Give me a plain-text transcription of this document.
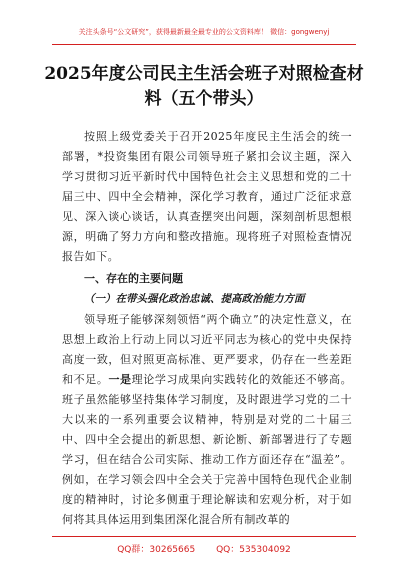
关注头条号“公文研究”，获得最新最全最专业的公文资料库！ 微信：gongwenyj
2025年度公司民主生活会班子对照检查材料（五个带头）

按照上级党委关于召开2025年度民主生活会的统一部署，*投资集团有限公司领导班子紧扣会议主题，深入学习贯彻习近平新时代中国特色社会主义思想和党的二十届三中、四中全会精神，深化学习教育，通过广泛征求意见、深入谈心谈话，认真查摆突出问题，深刻剖析思想根源，明确了努力方向和整改措施。现将班子对照检查情况报告如下。

一、存在的主要问题

（一）在带头强化政治忠诚、提高政治能力方面

领导班子能够深刻领悟“两个确立”的决定性意义，在思想上政治上行动上同以习近平同志为核心的党中央保持高度一致，但对照更高标准、更严要求，仍存在一些差距和不足。一是理论学习成果向实践转化的效能还不够高。班子虽然能够坚持集体学习制度，及时跟进学习党的二十大以来的一系列重要会议精神，特别是对党的二十届三中、四中全会提出的新思想、新论断、新部署进行了专题学习，但在结合公司实际、推动工作方面还存在“温差”。例如，在学习领会四中全会关于完善中国特色现代企业制度的精神时，讨论多侧重于理论解读和宏观分析，对于如何将其具体运用到集团深化混合所有制改革的

QQ群：30265665 QQ：535304092
